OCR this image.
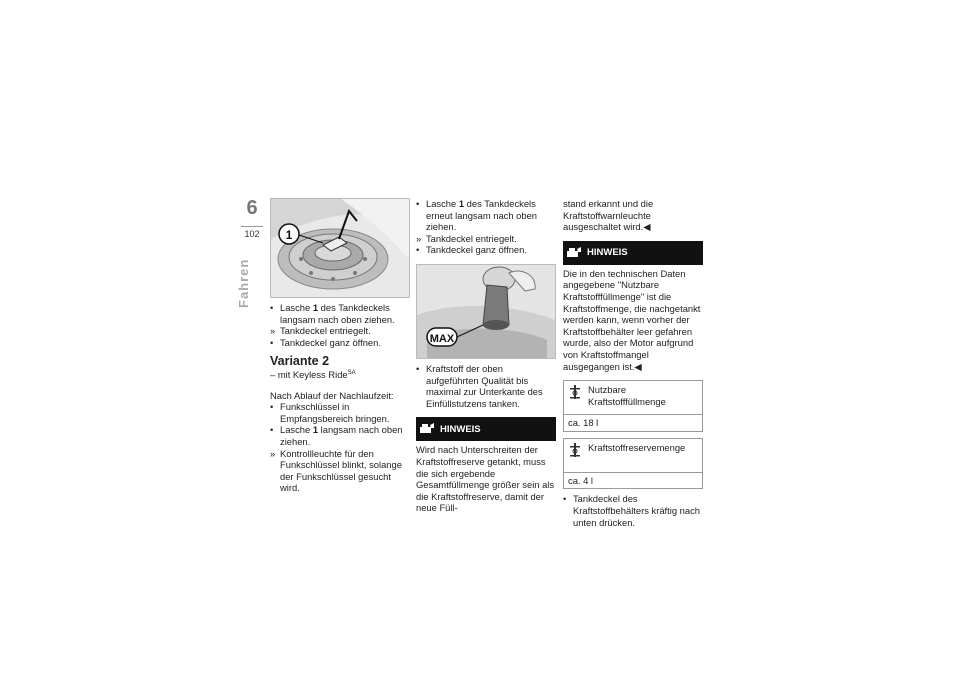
6
102
Fahren
1
• Lasche 1 des Tankdeckels langsam nach oben ziehen.
» Tankdeckel entriegelt.
• Tankdeckel ganz öffnen.
Variante 2
– mit Keyless Ride$^{SA}$
Nach Ablauf der Nachlaufzeit:
• Funkschlüssel in Empfangsbereich bringen.
• Lasche 1 langsam nach oben ziehen.
» Kontrollleuchte für den Funkschlüssel blinkt, solange der Funkschlüssel gesucht wird.
• Lasche 1 des Tankdeckels erneut langsam nach oben ziehen.
» Tankdeckel entriegelt.
• Tankdeckel ganz öffnen.
MAX
• Kraftstoff der oben aufgeführten Qualität bis maximal zur Unterkante des Einfüllstutzens tanken.
HINWEIS
Wird nach Unterschreiten der Kraftstoffreserve getankt, muss die sich ergebende Gesamtfüllmenge größer sein als die Kraftstoffreserve, damit der neue Füll-
stand erkannt und die Kraftstoffwarnleuchte ausgeschaltet wird.◀
HINWEIS
Die in den technischen Daten angegebene "Nutzbare Kraftstofffüllmenge" ist die Kraftstoffmenge, die nachgetankt werden kann, wenn vorher der Kraftstoffbehälter leer gefahren wurde, also der Motor aufgrund von Kraftstoffmangel ausgegangen ist.◀
Nutzbare Kraftstofffüllmenge
ca. 18 l
Kraftstoffreservemenge
ca. 4 l
• Tankdeckel des Kraftstoffbehälters kräftig nach unten drücken.
